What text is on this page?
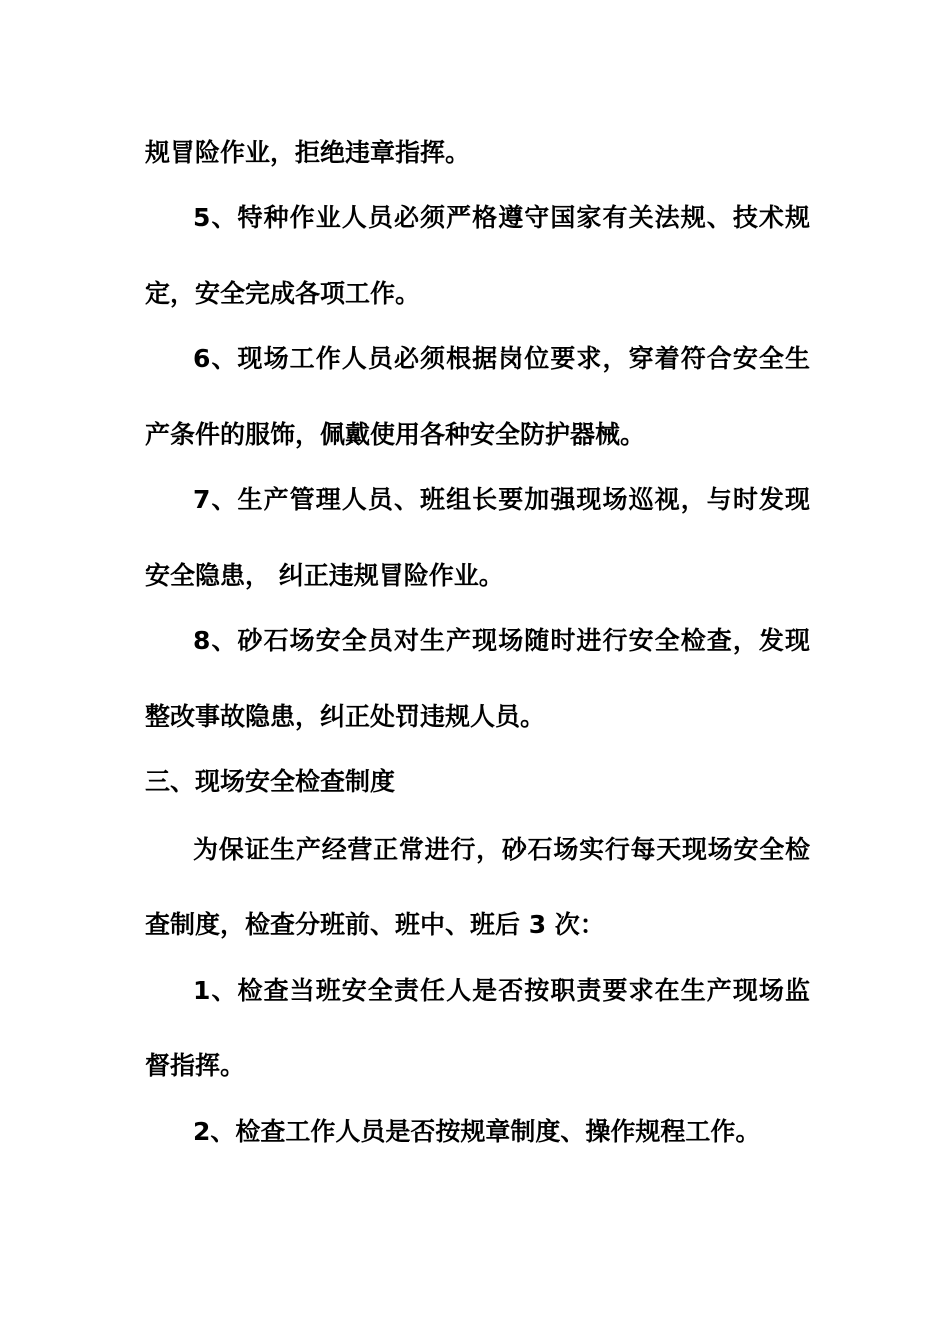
规冒险作业，拒绝违章指挥。
5、特种作业人员必须严格遵守国家有关法规、技术规
定，安全完成各项工作。
6、现场工作人员必须根据岗位要求，穿着符合安全生
产条件的服饰，佩戴使用各种安全防护器械。
7、生产管理人员、班组长要加强现场巡视，与时发现
安全隐患， 纠正违规冒险作业。
8、砂石场安全员对生产现场随时进行安全检查，发现
整改事故隐患，纠正处罚违规人员。
三、现场安全检查制度
为保证生产经营正常进行，砂石场实行每天现场安全检
查制度，检查分班前、班中、班后 3 次：
1、检查当班安全责任人是否按职责要求在生产现场监
督指挥。
2、检查工作人员是否按规章制度、操作规程工作。
